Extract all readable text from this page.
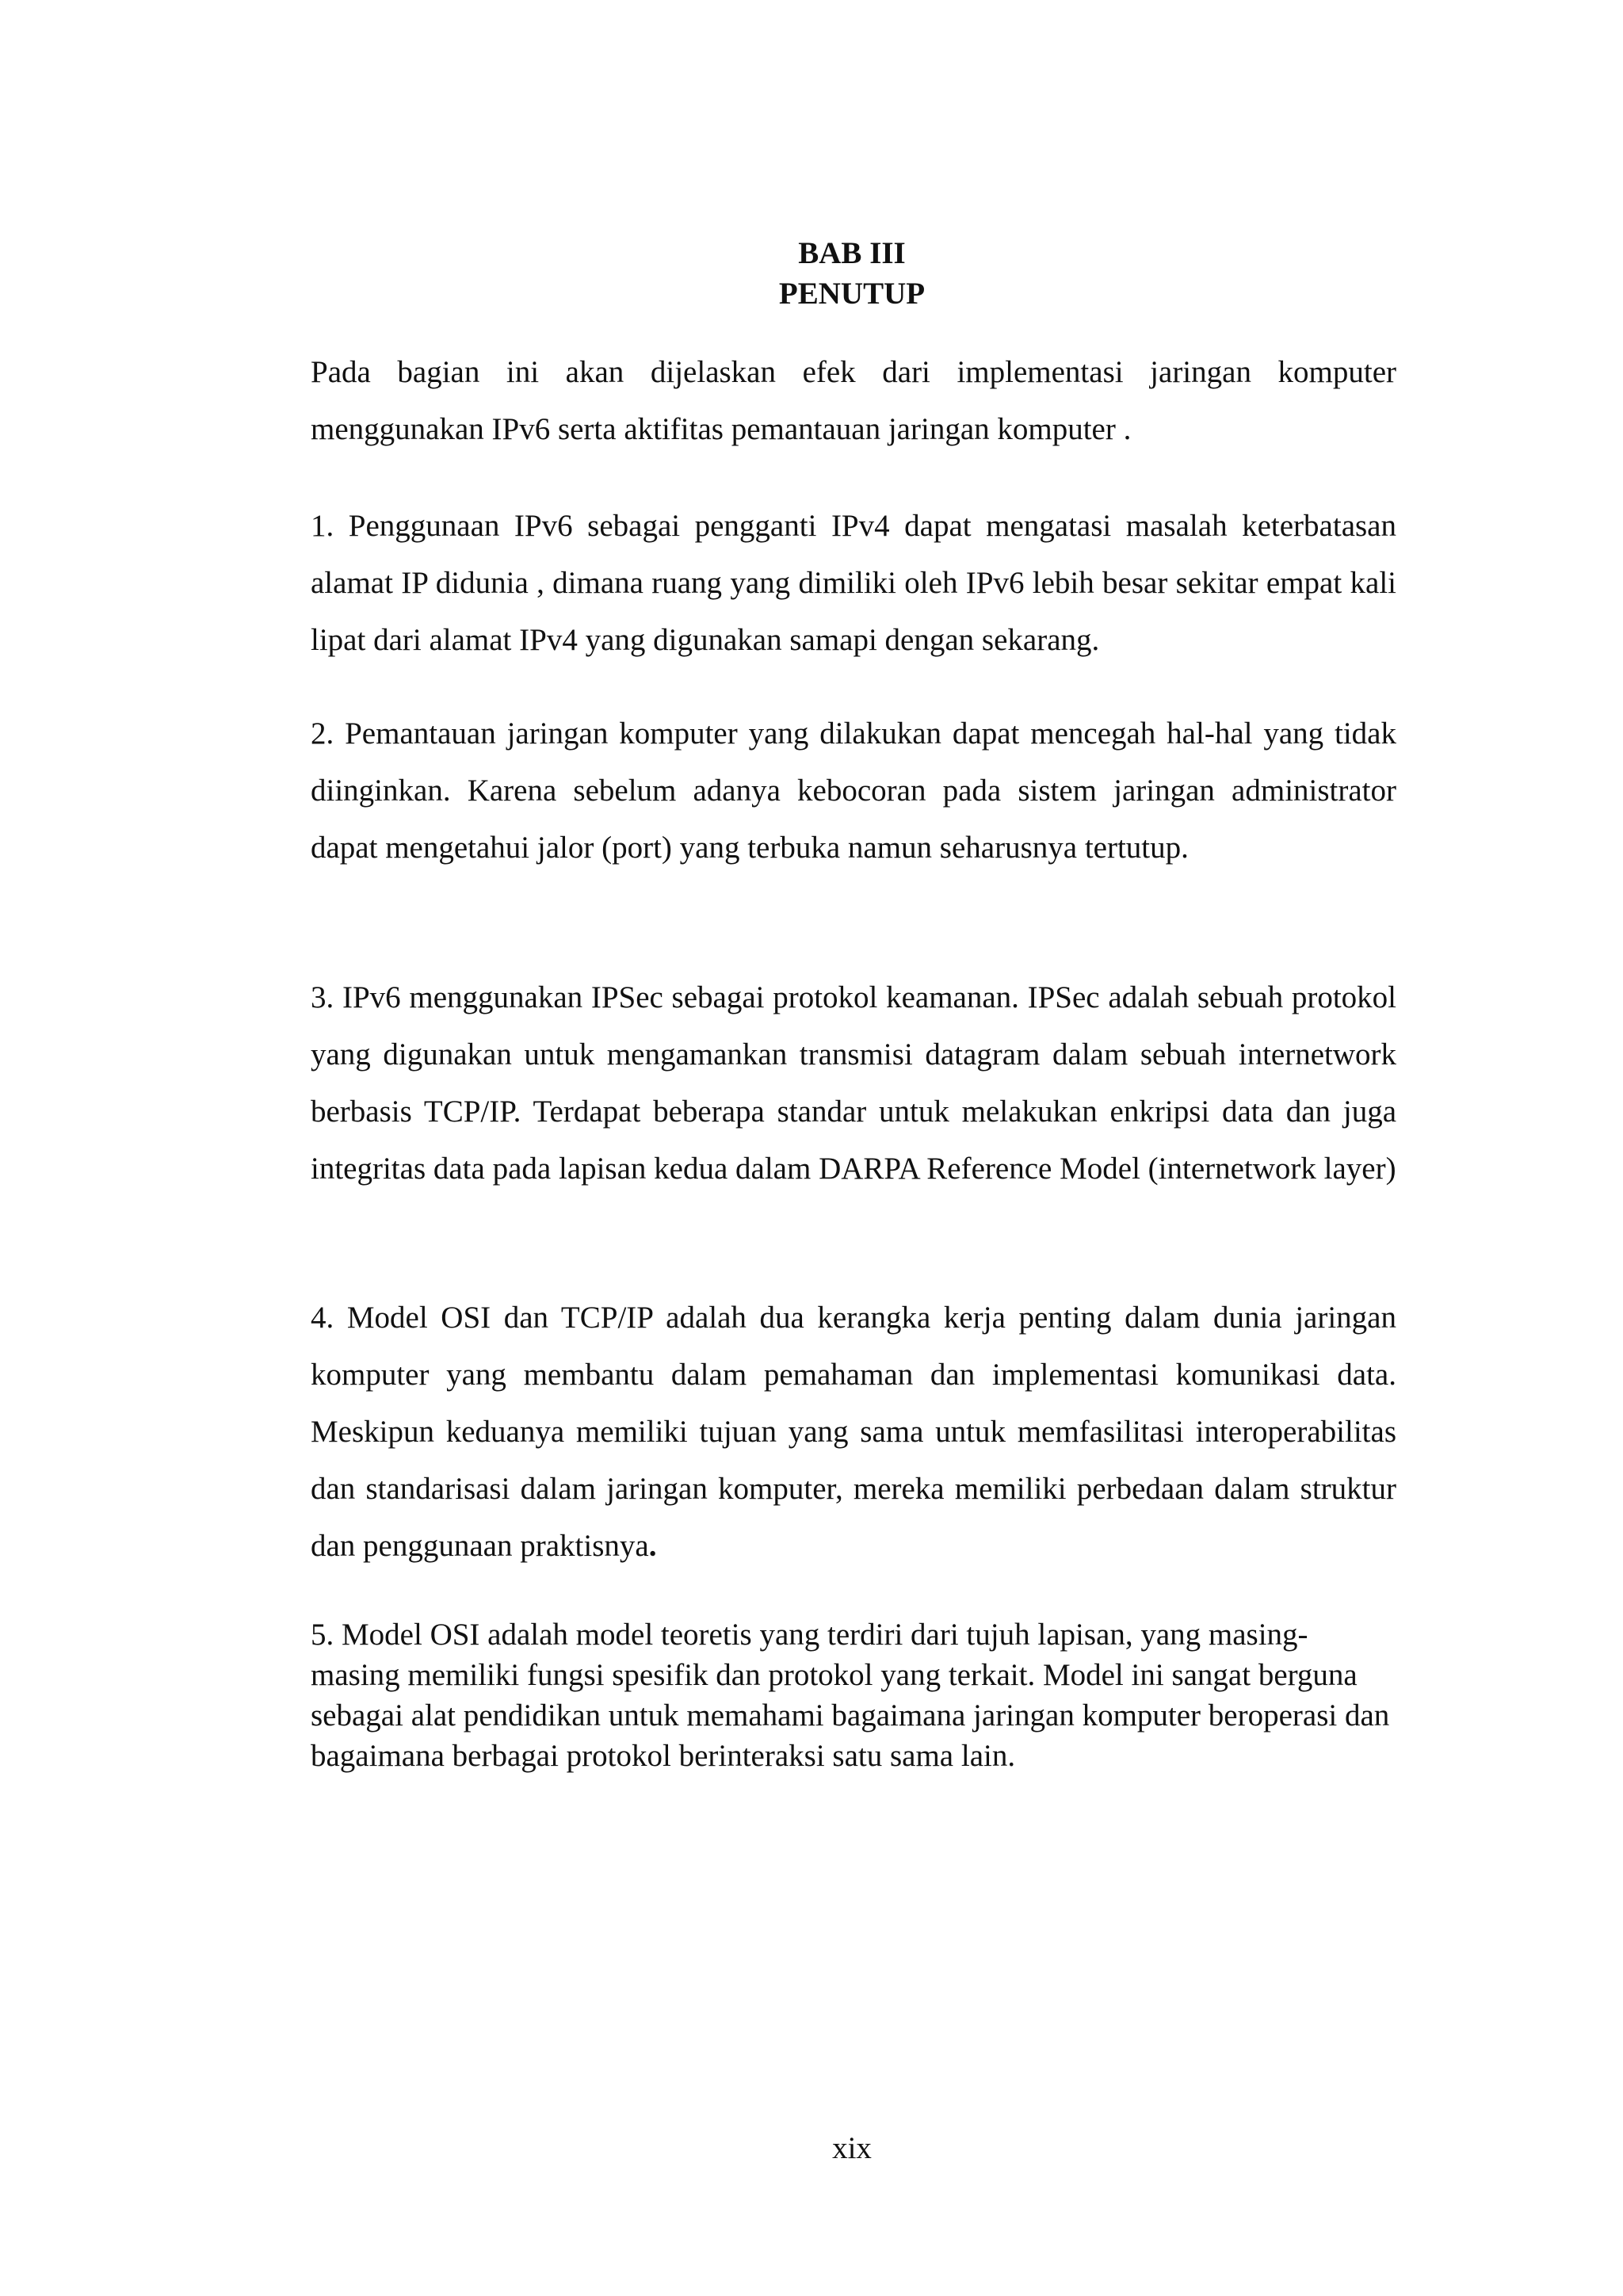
BAB III

PENUTUP

Pada bagian ini akan dijelaskan efek dari implementasi jaringan komputer menggunakan IPv6 serta aktifitas pemantauan jaringan komputer .

1. Penggunaan IPv6 sebagai pengganti IPv4 dapat mengatasi masalah keterbatasan alamat IP didunia , dimana ruang yang dimiliki oleh IPv6 lebih besar sekitar empat kali lipat dari alamat IPv4 yang digunakan samapi dengan sekarang.

2. Pemantauan jaringan komputer yang dilakukan dapat mencegah hal-hal yang tidak diinginkan. Karena sebelum adanya kebocoran pada sistem jaringan administrator dapat mengetahui jalor (port) yang terbuka namun seharusnya tertutup.

3. IPv6 menggunakan IPSec sebagai protokol keamanan. IPSec adalah sebuah protokol yang digunakan untuk mengamankan transmisi datagram dalam sebuah internetwork berbasis TCP/IP. Terdapat beberapa standar untuk melakukan enkripsi data dan juga integritas data pada lapisan kedua dalam DARPA Reference Model (internetwork layer)

4. Model OSI dan TCP/IP adalah dua kerangka kerja penting dalam dunia jaringan komputer yang membantu dalam pemahaman dan implementasi komunikasi data. Meskipun keduanya memiliki tujuan yang sama untuk memfasilitasi interoperabilitas dan standarisasi dalam jaringan komputer, mereka memiliki perbedaan dalam struktur dan penggunaan praktisnya.

5. Model OSI adalah model teoretis yang terdiri dari tujuh lapisan, yang masing-masing memiliki fungsi spesifik dan protokol yang terkait. Model ini sangat berguna sebagai alat pendidikan untuk memahami bagaimana jaringan komputer beroperasi dan bagaimana berbagai protokol berinteraksi satu sama lain.

xix
